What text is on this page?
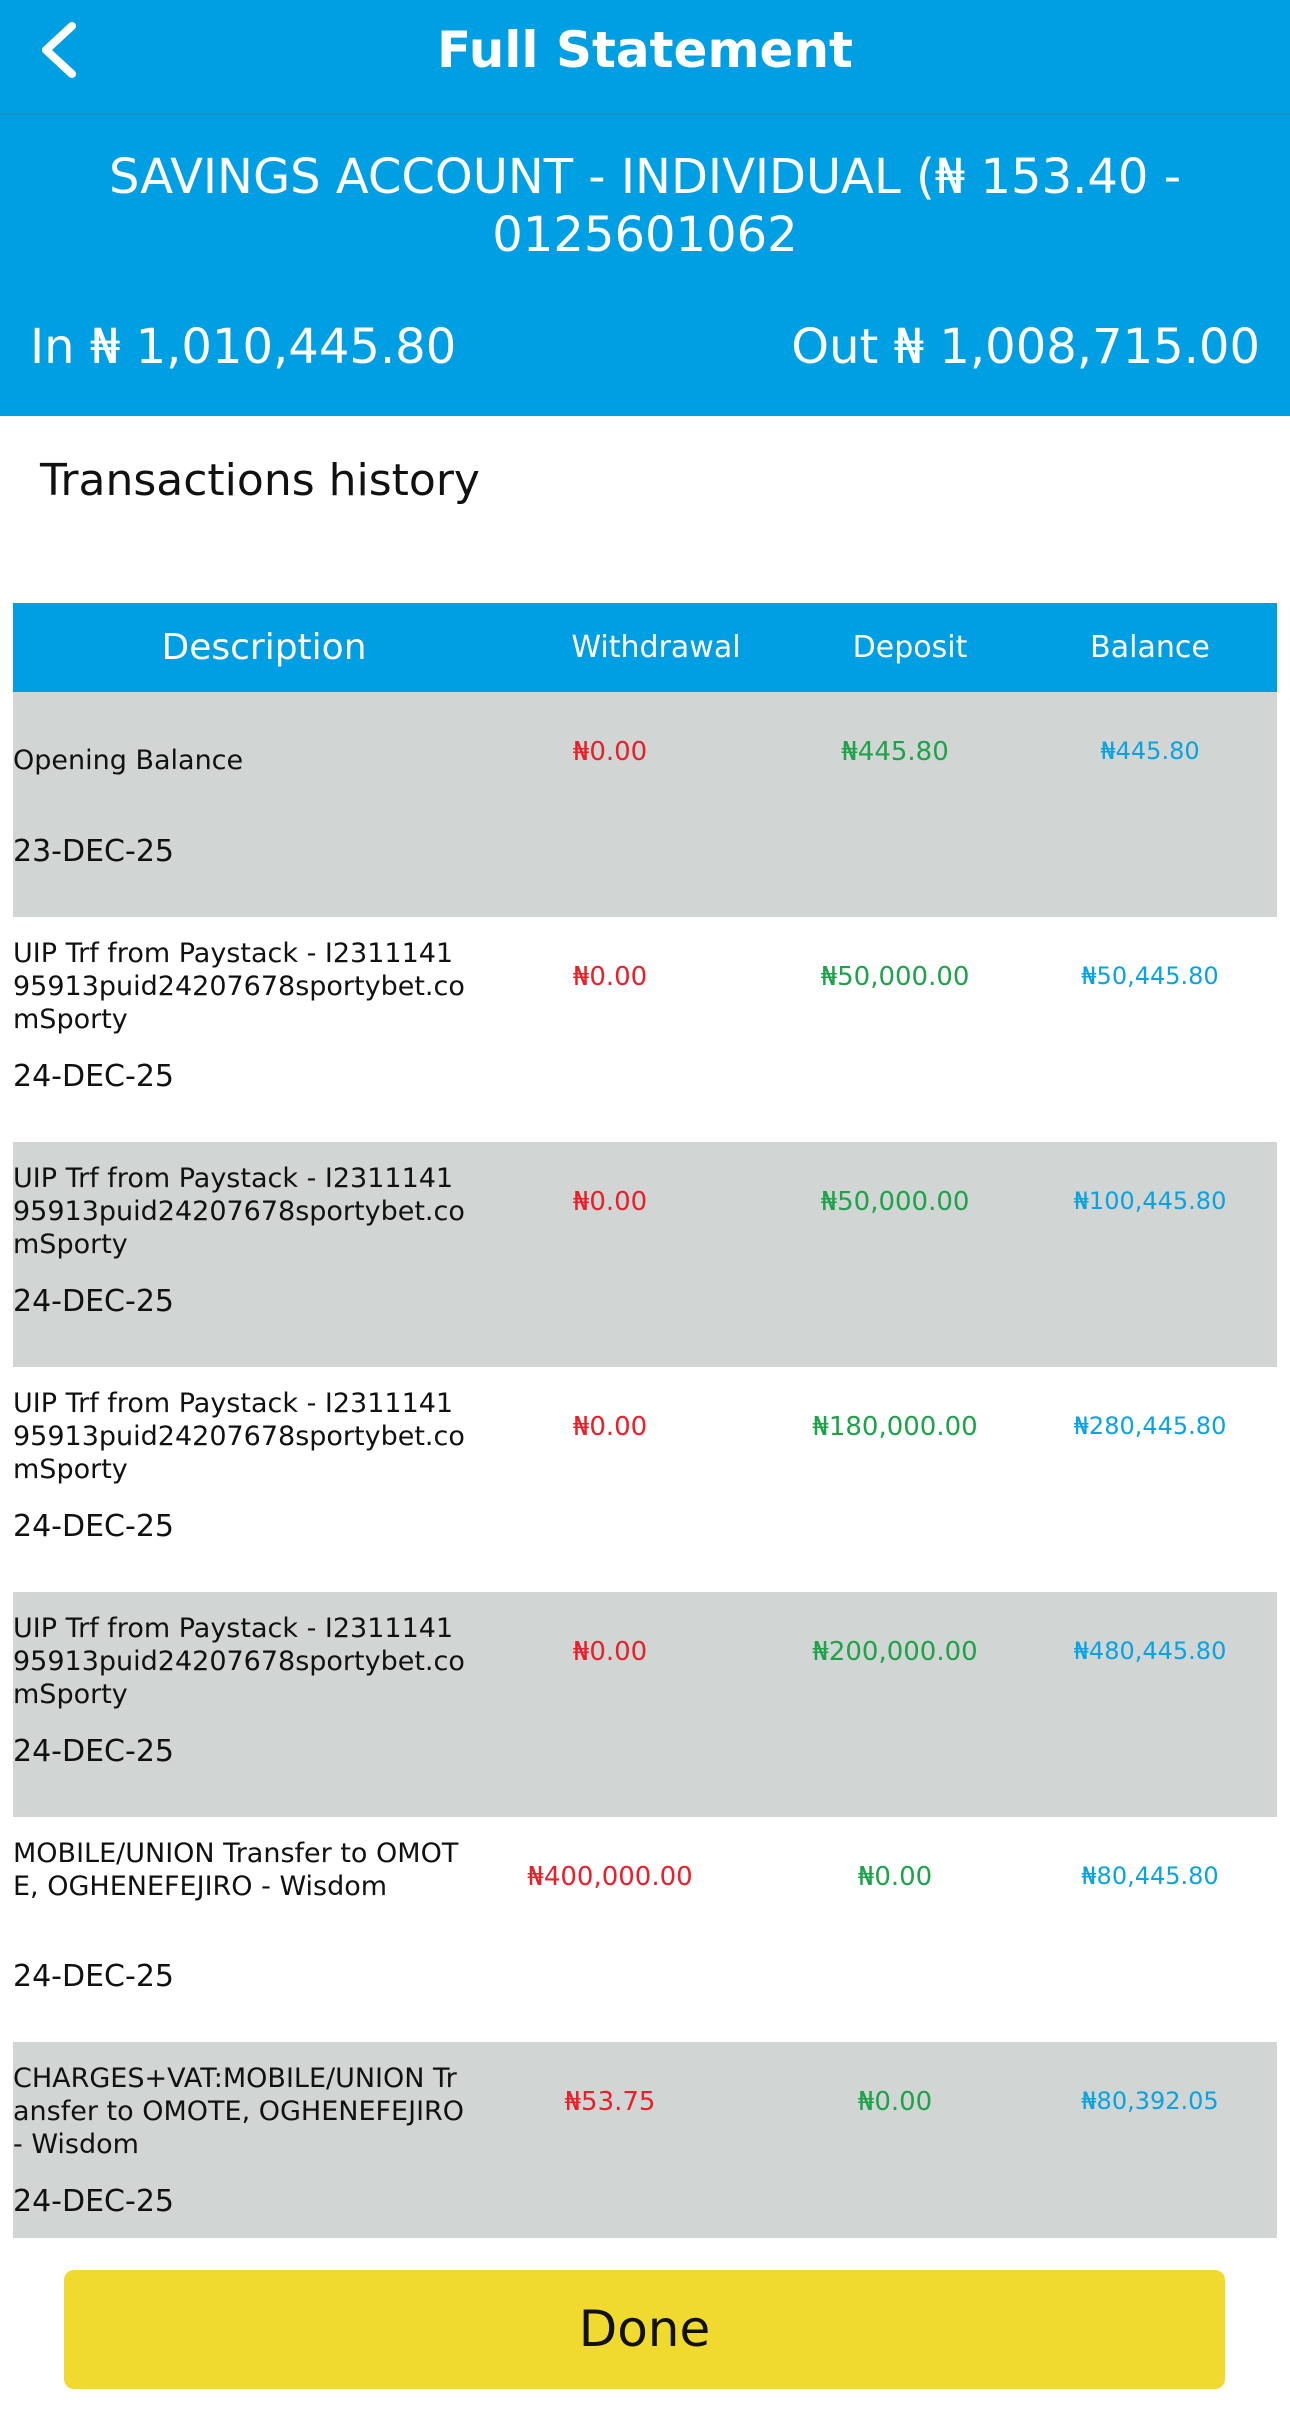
Full Statement
SAVINGS ACCOUNT - INDIVIDUAL (₦ 153.40 - 0125601062
In ₦ 1,010,445.80	Out ₦ 1,008,715.00
Transactions history
Description	Withdrawal	Deposit	Balance
Opening Balance
23-DEC-25
₦0.00	₦445.80	₦445.80
UIP Trf from Paystack - I231114195913puid24207678sportybet.comSporty
24-DEC-25
₦0.00	₦50,000.00	₦50,445.80
UIP Trf from Paystack - I231114195913puid24207678sportybet.comSporty
24-DEC-25
₦0.00	₦50,000.00	₦100,445.80
UIP Trf from Paystack - I231114195913puid24207678sportybet.comSporty
24-DEC-25
₦0.00	₦180,000.00	₦280,445.80
UIP Trf from Paystack - I231114195913puid24207678sportybet.comSporty
24-DEC-25
₦0.00	₦200,000.00	₦480,445.80
MOBILE/UNION Transfer to OMOTE, OGHENEFEJIRO - Wisdom
24-DEC-25
₦400,000.00	₦0.00	₦80,445.80
CHARGES+VAT:MOBILE/UNION Transfer to OMOTE, OGHENEFEJIRO - Wisdom
24-DEC-25
₦53.75	₦0.00	₦80,392.05
Done
